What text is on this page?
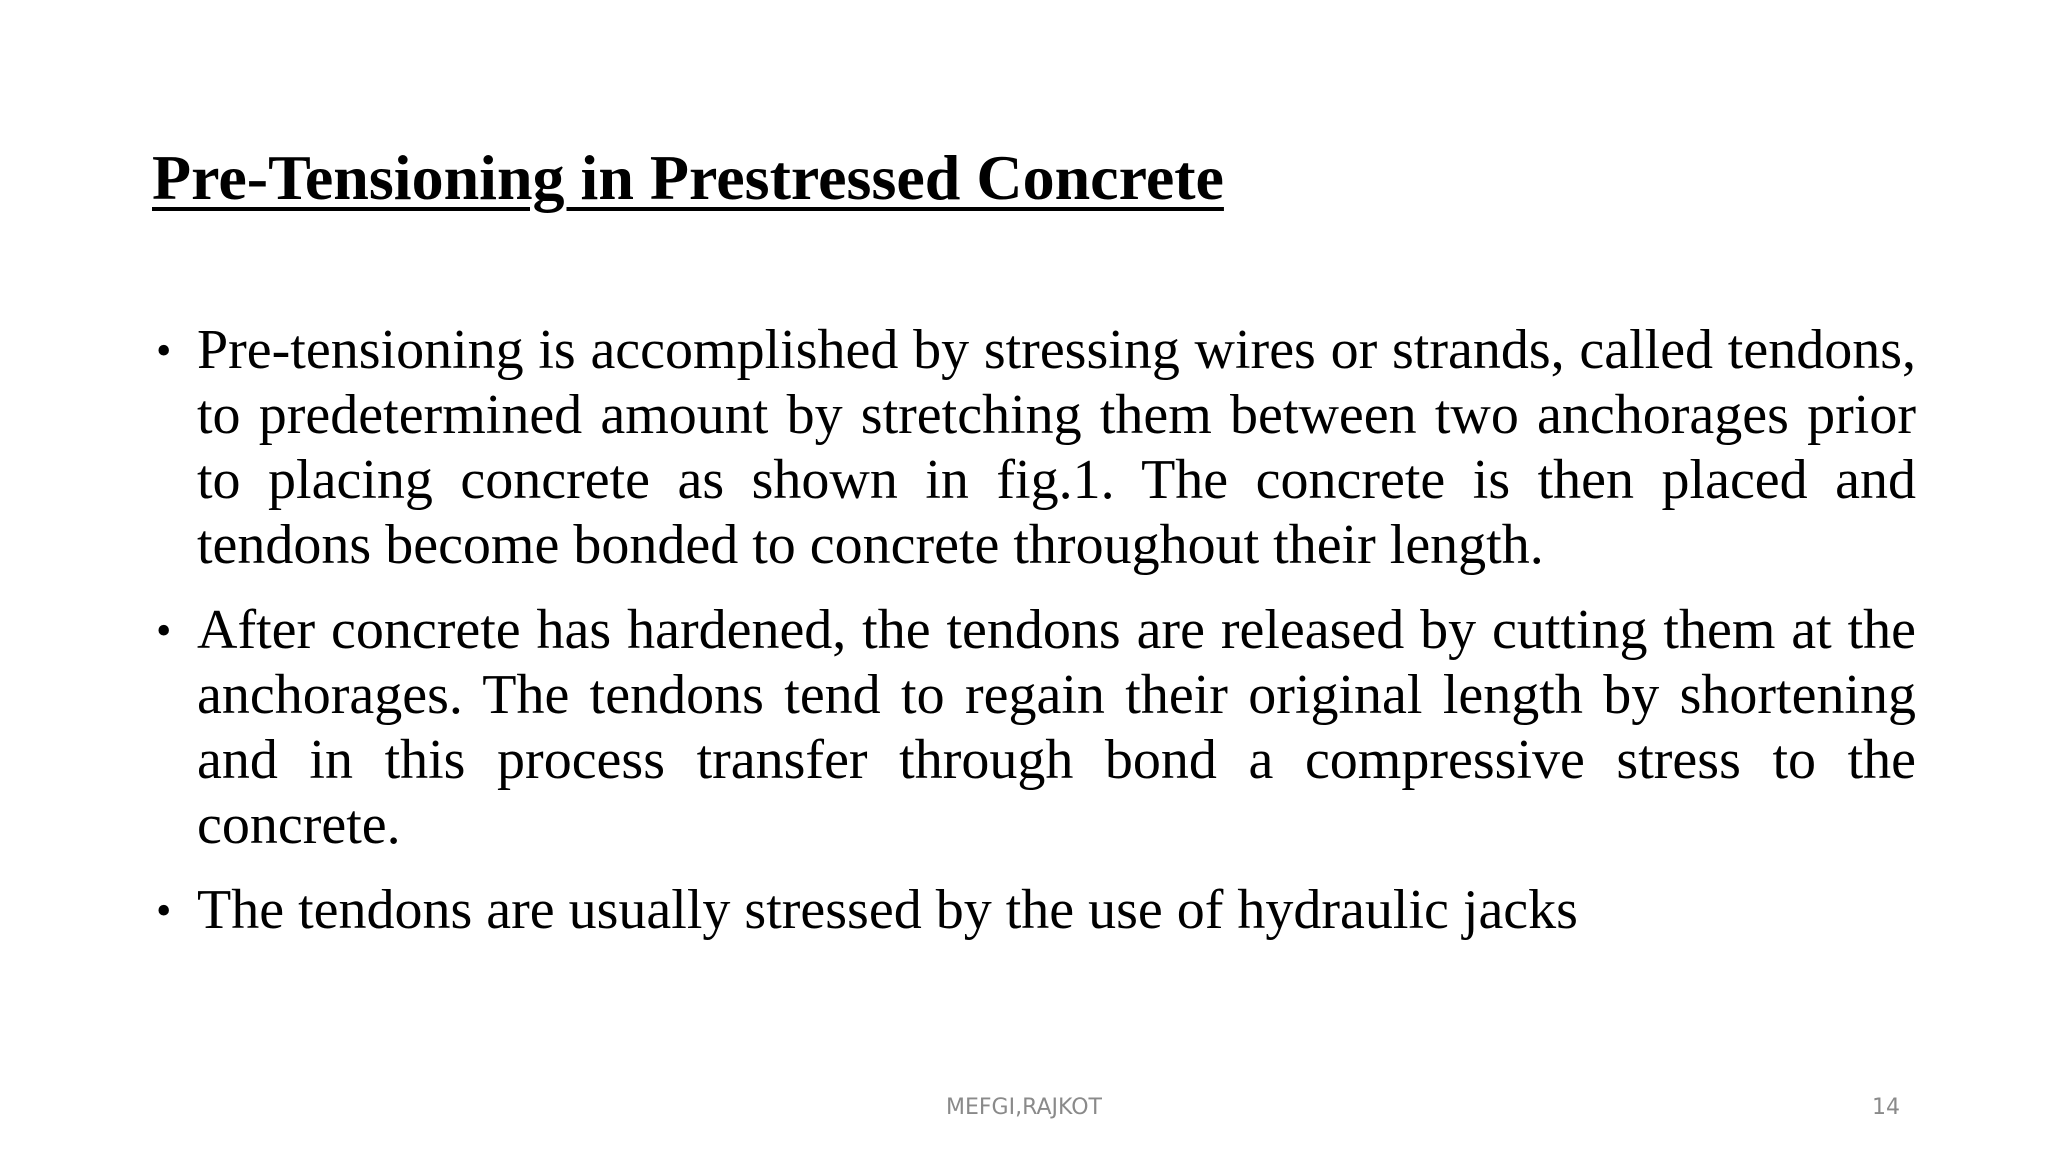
Pre-Tensioning in Prestressed Concrete
• Pre-tensioning is accomplished by stressing wires or strands, called tendons, to predetermined amount by stretching them between two anchorages prior to placing concrete as shown in fig.1. The concrete is then placed and tendons become bonded to concrete throughout their length.
• After concrete has hardened, the tendons are released by cutting them at the anchorages. The tendons tend to regain their original length by shortening and in this process transfer through bond a compressive stress to the concrete.
• The tendons are usually stressed by the use of hydraulic jacks
MEFGI,RAJKOT	14
